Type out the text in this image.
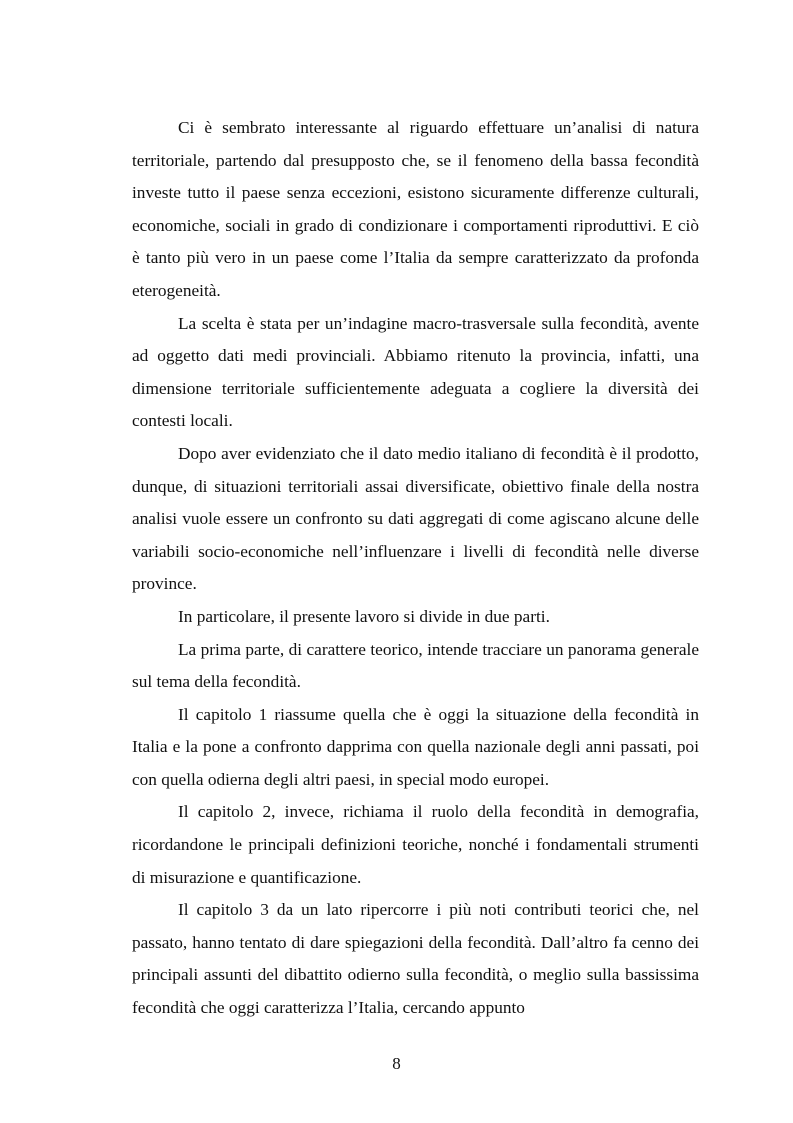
Ci è sembrato interessante al riguardo effettuare un’analisi di natura territoriale, partendo dal presupposto che, se il fenomeno della bassa fecondità investe tutto il paese senza eccezioni, esistono sicuramente differenze culturali, economiche, sociali in grado di condizionare i comportamenti riproduttivi. E ciò è tanto più vero in un paese come l’Italia da sempre caratterizzato da profonda eterogeneità.

La scelta è stata per un’indagine macro-trasversale sulla fecondità, avente ad oggetto dati medi provinciali. Abbiamo ritenuto la provincia, infatti, una dimensione territoriale sufficientemente adeguata a cogliere la diversità dei contesti locali.

Dopo aver evidenziato che il dato medio italiano di fecondità è il prodotto, dunque, di situazioni territoriali assai diversificate, obiettivo finale della nostra analisi vuole essere un confronto su dati aggregati di come agiscano alcune delle variabili socio-economiche nell’influenzare i livelli di fecondità nelle diverse province.

In particolare, il presente lavoro si divide in due parti.

La prima parte, di carattere teorico, intende tracciare un panorama generale sul tema della fecondità.

Il capitolo 1 riassume quella che è oggi la situazione della fecondità in Italia e la pone a confronto dapprima con quella nazionale degli anni passati, poi con quella odierna degli altri paesi, in special modo europei.

Il capitolo 2, invece, richiama il ruolo della fecondità in demografia, ricordandone le principali definizioni teoriche, nonché i fondamentali strumenti di misurazione e quantificazione.

Il capitolo 3 da un lato ripercorre i più noti contributi teorici che, nel passato, hanno tentato di dare spiegazioni della fecondità. Dall’altro fa cenno dei principali assunti del dibattito odierno sulla fecondità, o meglio sulla bassissima fecondità che oggi caratterizza l’Italia, cercando appunto

8
